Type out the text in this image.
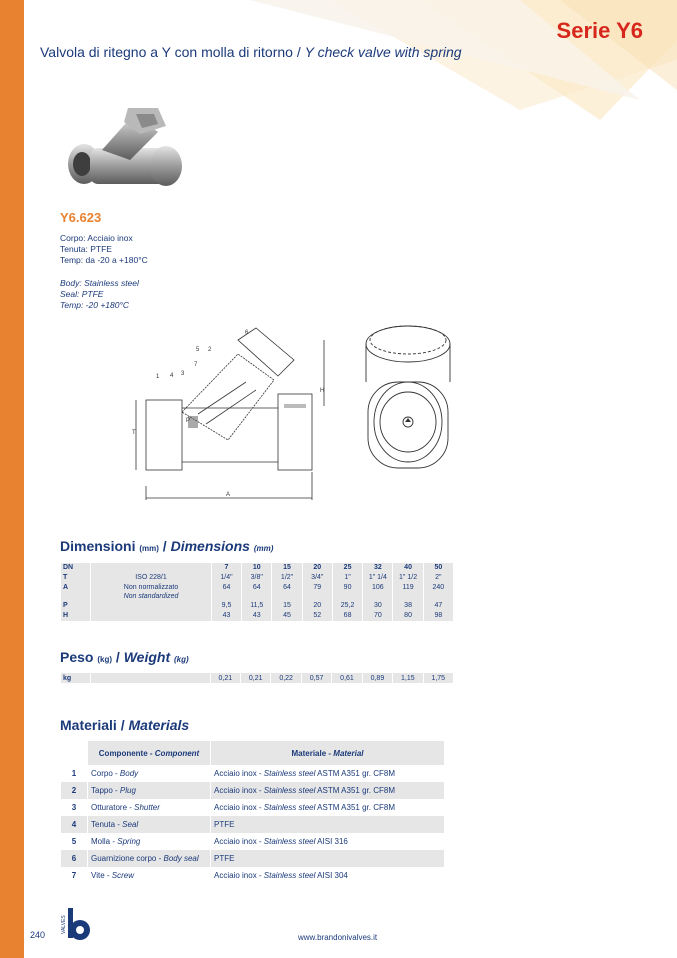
Serie Y6
Valvola di ritegno a Y con molla di ritorno / Y check valve with spring
Y6.623
Corpo: Acciaio inox
Tenuta: PTFE
Temp: da -20 a +180°C
Body: Stainless steel
Seal: PTFE
Temp: -20 +180°C
1 4 3
5 2
7
6
H
T
A
P
Dimensioni (mm) / Dimensions (mm)
DN		7	10	15	20	25	32	40	50
T	ISO 228/1	1/4"	3/8"	1/2"	3/4"	1"	1" 1/4	1" 1/2	2"
A	Non normalizzato
Non standardized	64	64	64	79	90	106	119	240
P		9,5	11,5	15	20	25,2	30	38	47
H		43	43	45	52	68	70	80	98
Peso (kg) / Weight (kg)
kg		0,21	0,21	0,22	0,57	0,61	0,89	1,15	1,75
Materiali / Materials
	Componente - Component	Materiale - Material
1	Corpo - Body	Acciaio inox - Stainless steel ASTM A351 gr. CF8M
2	Tappo - Plug	Acciaio inox - Stainless steel ASTM A351 gr. CF8M
3	Otturatore - Shutter	Acciaio inox - Stainless steel ASTM A351 gr. CF8M
4	Tenuta - Seal	PTFE
5	Molla - Spring	Acciaio inox - Stainless steel AISI 316
6	Guarnizione corpo - Body seal	PTFE
7	Vite - Screw	Acciaio inox - Stainless steel AISI 304
240
VALVES
www.brandonivalves.it
